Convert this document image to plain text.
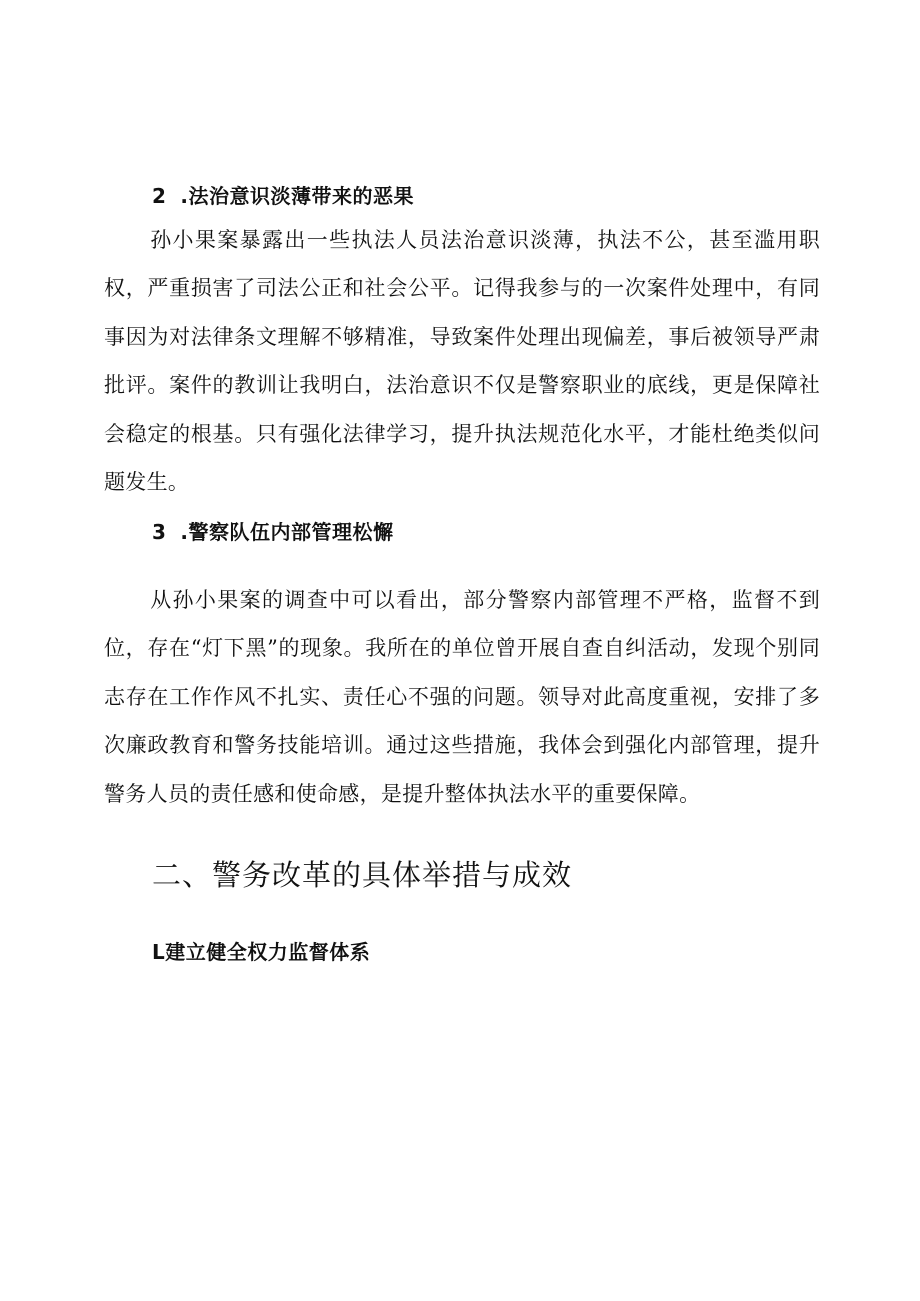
2 .法治意识淡薄带来的恶果

孙小果案暴露出一些执法人员法治意识淡薄，执法不公，甚至滥用职权，严重损害了司法公正和社会公平。记得我参与的一次案件处理中，有同事因为对法律条文理解不够精准，导致案件处理出现偏差，事后被领导严肃批评。案件的教训让我明白，法治意识不仅是警察职业的底线，更是保障社会稳定的根基。只有强化法律学习，提升执法规范化水平，才能杜绝类似问题发生。

3 .警察队伍内部管理松懈

从孙小果案的调查中可以看出，部分警察内部管理不严格，监督不到位，存在“灯下黑”的现象。我所在的单位曾开展自查自纠活动，发现个别同志存在工作作风不扎实、责任心不强的问题。领导对此高度重视，安排了多次廉政教育和警务技能培训。通过这些措施，我体会到强化内部管理，提升警务人员的责任感和使命感，是提升整体执法水平的重要保障。

二、警务改革的具体举措与成效
L建立健全权力监督体系
